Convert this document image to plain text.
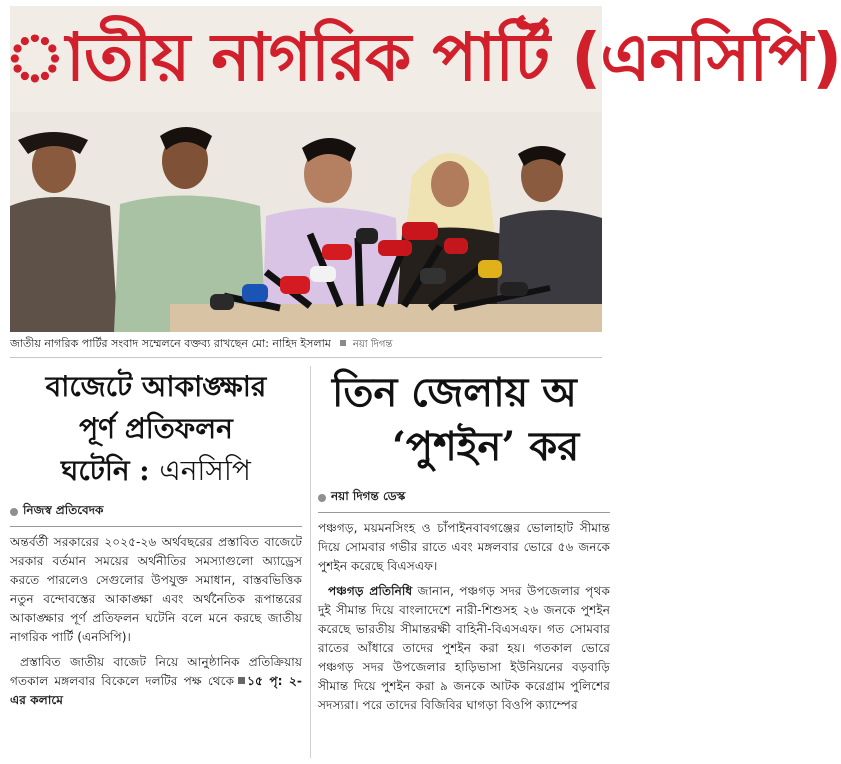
াতীয় নাগরিক পার্টি (এনসিপি)
জাতীয় নাগরিক পার্টির সংবাদ সম্মেলনে বক্তব্য রাখছেন মো: নাহিদ ইসলাম নয়া দিগন্ত
বাজেটে আকাঙ্ক্ষার
পূর্ণ প্রতিফলন
ঘটেনি : এনসিপি
নিজস্ব প্রতিবেদক

অন্তর্বর্তী সরকারের ২০২৫-২৬ অর্থবছরের প্রস্তাবিত বাজেটে সরকার বর্তমান সময়ের অর্থনীতির সমস্যাগুলো অ্যাড্রেস করতে পারলেও সেগুলোর উপযুক্ত সমাধান, বাস্তবভিত্তিক নতুন বন্দোবস্তের আকাঙ্ক্ষা এবং অর্থনৈতিক রূপান্তরের আকাঙ্ক্ষার পূর্ণ প্রতিফলন ঘটেনি বলে মনে করছে জাতীয় নাগরিক পার্টি (এনসিপি)।

প্রস্তাবিত জাতীয় বাজেট নিয়ে আনুষ্ঠানিক প্রতিক্রিয়ায় গতকাল মঙ্গলবার বিকেলে দলটির পক্ষ থেকে ১৫ পৃ: ২-এর কলামে

তিন জেলায় অ
‘পুশইন’ কর
নয়া দিগন্ত ডেস্ক

পঞ্চগড়, ময়মনসিংহ ও চাঁপাইনবাবগঞ্জের ভোলাহাট সীমান্ত দিয়ে সোমবার গভীর রাতে এবং মঙ্গলবার ভোরে ৫৬ জনকে পুশইন করেছে বিএসএফ।

পঞ্চগড় প্রতিনিধি জানান, পঞ্চগড় সদর উপজেলার পৃথক দুই সীমান্ত দিয়ে বাংলাদেশে নারী-শিশুসহ ২৬ জনকে পুশইন করেছে ভারতীয় সীমান্তরক্ষী বাহিনী-বিএসএফ। গত সোমবার রাতের আঁধারে তাদের পুশইন করা হয়। গতকাল ভোরে পঞ্চগড় সদর উপজেলার হাড়িভাসা ইউনিয়নের বড়বাড়ি সীমান্ত দিয়ে পুশইন করা ৯ জনকে আটক করেগ্রাম পুলিশের সদস্যরা। পরে তাদের বিজিবির ঘাগড়া বিওপি ক্যাম্পের
